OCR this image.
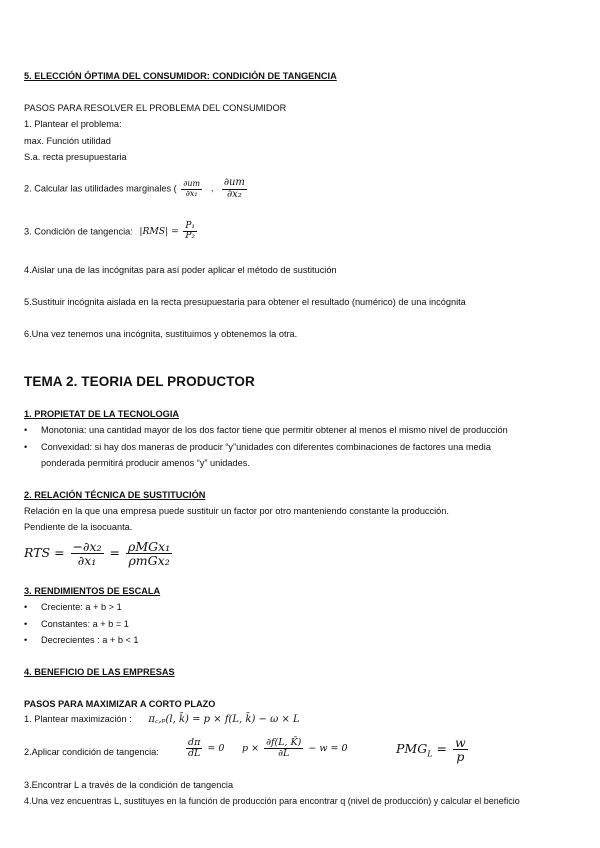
5. ELECCIÓN ÓPTIMA DEL CONSUMIDOR: CONDICIÓN DE TANGENCIA
PASOS PARA RESOLVER EL PROBLEMA DEL CONSUMIDOR
1. Plantear el problema:
max. Función utilidad
S.a. recta presupuestaria
2. Calcular las utilidades marginales ( $\frac{\partial um}{\text{∂x₁}}$ , $\frac{\partial um}{\text{∂x₂}}$
3. Condición de tangencia: $|RMS| = \frac{\text{P₁}}{\text{P₂}}$
4.Aislar una de las incógnitas para así poder aplicar el método de sustitución
5.Sustituir incógnita aislada en la recta presupuestaria para obtener el resultado (numérico) de una incógnita
6.Una vez tenemos una incógnita, sustituimos y obtenemos la otra.
TEMA 2. TEORIA DEL PRODUCTOR
1. PROPIETAT DE LA TECNOLOGIA
• Monotonia: una cantidad mayor de los dos factor tiene que permitir obtener al menos el mismo nivel de producción
• Convexidad: si hay dos maneras de producir “y”unidades con diferentes combinaciones de factores una media
ponderada permitirá producir amenos “y” unidades.
2. RELACIÓN TÉCNICA DE SUSTITUCIÓN
Relación en la que una empresa puede sustituir un factor por otro manteniendo constante la producción.
Pendiente de la isocuanta.
RTS = $\frac{\text{−∂x₂}}{\text{∂x₁}} = \frac{\text{ρMGx₁}}{\text{ρmGx₂}}$
3. RENDIMIENTOS DE ESCALA
• Creciente: a + b > 1
• Constantes: a + b = 1
• Decrecientes : a + b < 1
4. BENEFICIO DE LAS EMPRESAS
PASOS PARA MAXIMIZAR A CORTO PLAZO
1. Plantear maximización : π꜀,ₚ(l, k̄) = p × f(L, k̄) − ω × L
2.Aplicar condición de tangencia:	$\frac{d\pi}{dL} = 0$ $p \times \frac{\partial f(L, K̄)}{\partial L} - w = 0$	$PMG_L = \frac{w}{p}$
3.Encontrar L a través de la condición de tangencia
4.Una vez encuentras L, sustituyes en la función de producción para encontrar q (nivel de producción) y calcular el beneficio
